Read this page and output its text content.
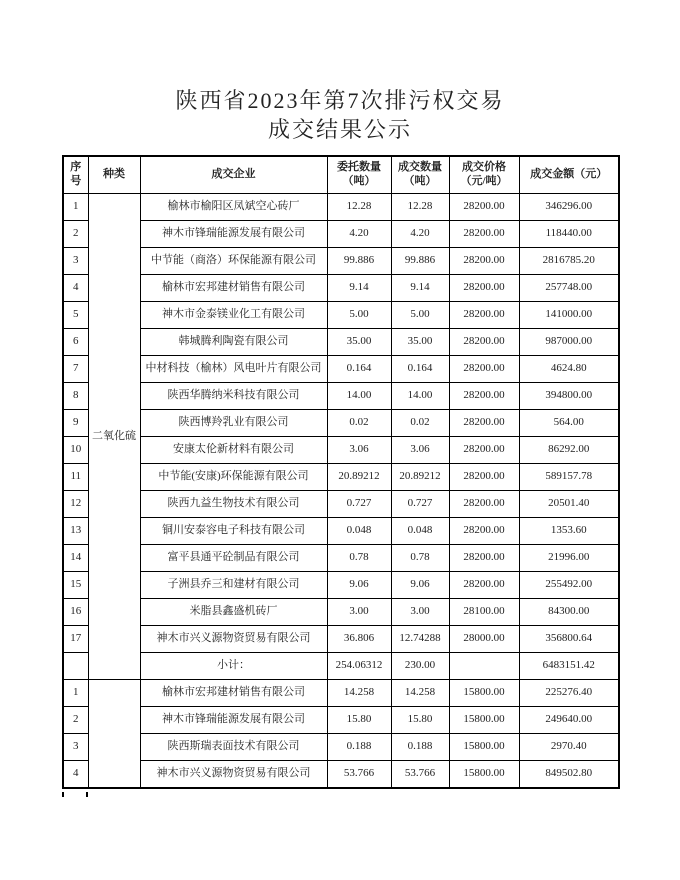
陕西省2023年第7次排污权交易
成交结果公示
序号	种类	成交企业	委托数量（吨）	成交数量（吨）	成交价格（元/吨）	成交金额（元）
1	二氧化硫	榆林市榆阳区凤斌空心砖厂	12.28	12.28	28200.00	346296.00
2		神木市锋瑞能源发展有限公司	4.20	4.20	28200.00	118440.00
3		中节能（商洛）环保能源有限公司	99.886	99.886	28200.00	2816785.20
4		榆林市宏邦建材销售有限公司	9.14	9.14	28200.00	257748.00
5		神木市金泰镁业化工有限公司	5.00	5.00	28200.00	141000.00
6		韩城腾利陶瓷有限公司	35.00	35.00	28200.00	987000.00
7		中材科技（榆林）风电叶片有限公司	0.164	0.164	28200.00	4624.80
8		陕西华腾纳米科技有限公司	14.00	14.00	28200.00	394800.00
9		陕西博羚乳业有限公司	0.02	0.02	28200.00	564.00
10		安康太伦新材料有限公司	3.06	3.06	28200.00	86292.00
11		中节能(安康)环保能源有限公司	20.89212	20.89212	28200.00	589157.78
12		陕西九益生物技术有限公司	0.727	0.727	28200.00	20501.40
13		铜川安泰容电子科技有限公司	0.048	0.048	28200.00	1353.60
14		富平县通平砼制品有限公司	0.78	0.78	28200.00	21996.00
15		子洲县乔三和建材有限公司	9.06	9.06	28200.00	255492.00
16		米脂县鑫盛机砖厂	3.00	3.00	28100.00	84300.00
17		神木市兴义源物资贸易有限公司	36.806	12.74288	28000.00	356800.64
		小计：	254.06312	230.00		6483151.42
1		榆林市宏邦建材销售有限公司	14.258	14.258	15800.00	225276.40
2		神木市锋瑞能源发展有限公司	15.80	15.80	15800.00	249640.00
3		陕西斯瑞表面技术有限公司	0.188	0.188	15800.00	2970.40
4		神木市兴义源物资贸易有限公司	53.766	53.766	15800.00	849502.80
